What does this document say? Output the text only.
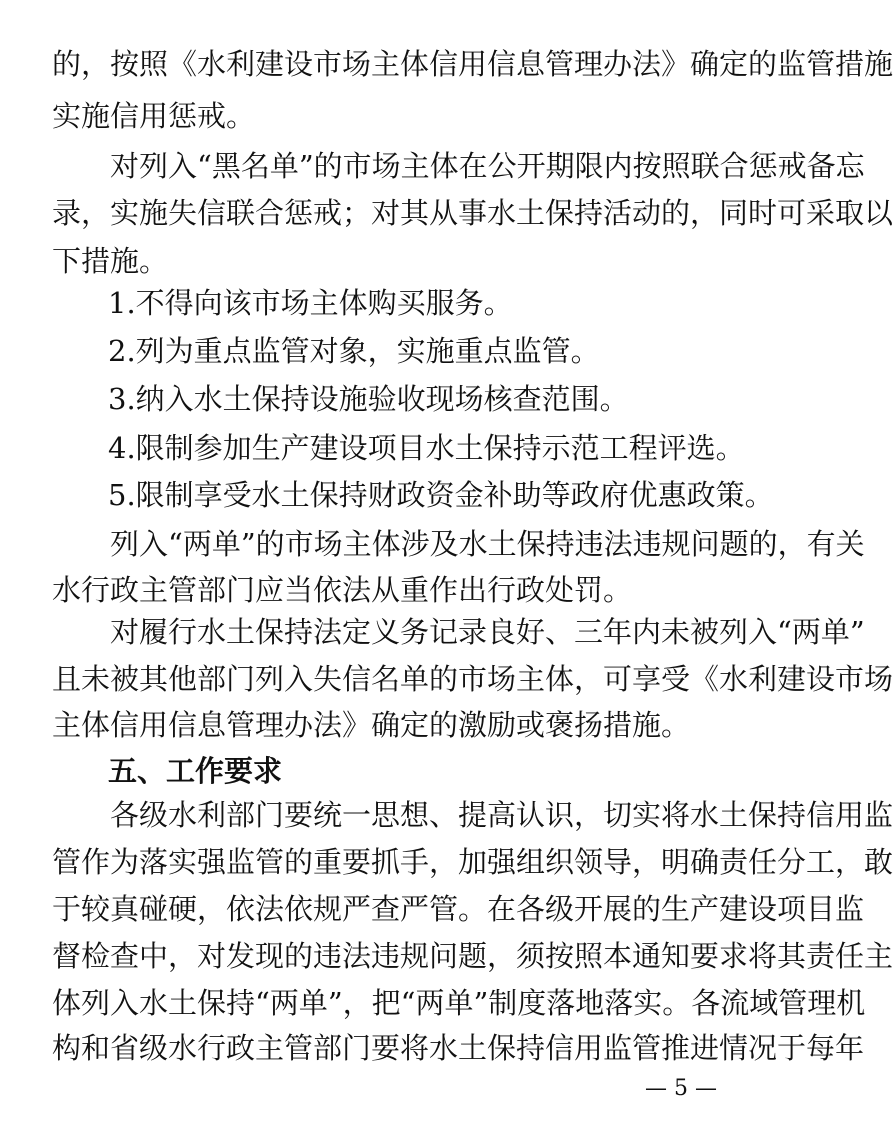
的，按照《水利建设市场主体信用信息管理办法》确定的监管措施
实施信用惩戒。
对列入“黑名单”的市场主体在公开期限内按照联合惩戒备忘
录，实施失信联合惩戒；对其从事水土保持活动的，同时可采取以
下措施。
1.不得向该市场主体购买服务。
2.列为重点监管对象，实施重点监管。
3.纳入水土保持设施验收现场核查范围。
4.限制参加生产建设项目水土保持示范工程评选。
5.限制享受水土保持财政资金补助等政府优惠政策。
列入“两单”的市场主体涉及水土保持违法违规问题的，有关
水行政主管部门应当依法从重作出行政处罚。
对履行水土保持法定义务记录良好、三年内未被列入“两单”
且未被其他部门列入失信名单的市场主体，可享受《水利建设市场
主体信用信息管理办法》确定的激励或褒扬措施。
五、工作要求
各级水利部门要统一思想、提高认识，切实将水土保持信用监
管作为落实强监管的重要抓手，加强组织领导，明确责任分工，敢
于较真碰硬，依法依规严查严管。在各级开展的生产建设项目监
督检查中，对发现的违法违规问题，须按照本通知要求将其责任主
体列入水土保持“两单”，把“两单”制度落地落实。各流域管理机
构和省级水行政主管部门要将水土保持信用监管推进情况于每年
— 5 —
